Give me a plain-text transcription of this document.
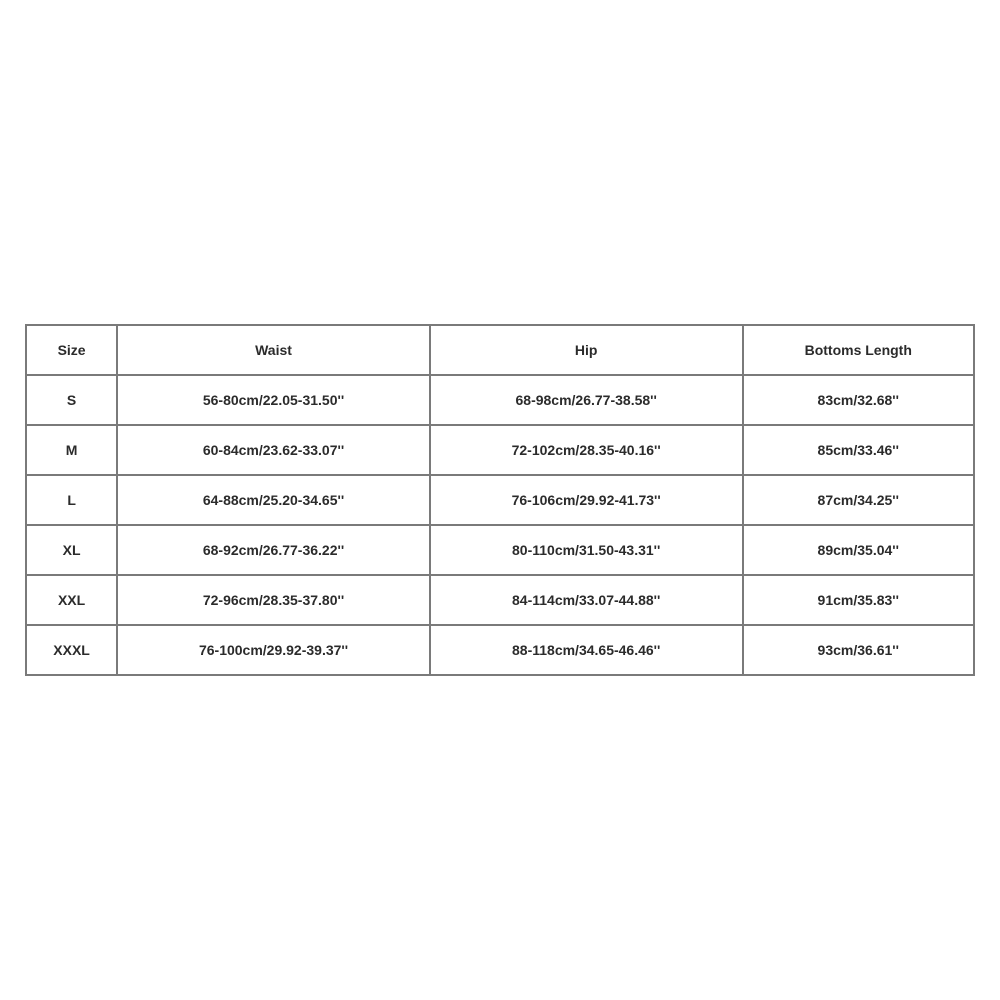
Size	Waist	Hip	Bottoms Length
S	56-80cm/22.05-31.50''	68-98cm/26.77-38.58''	83cm/32.68''
M	60-84cm/23.62-33.07''	72-102cm/28.35-40.16''	85cm/33.46''
L	64-88cm/25.20-34.65''	76-106cm/29.92-41.73''	87cm/34.25''
XL	68-92cm/26.77-36.22''	80-110cm/31.50-43.31''	89cm/35.04''
XXL	72-96cm/28.35-37.80''	84-114cm/33.07-44.88''	91cm/35.83''
XXXL	76-100cm/29.92-39.37''	88-118cm/34.65-46.46''	93cm/36.61''
